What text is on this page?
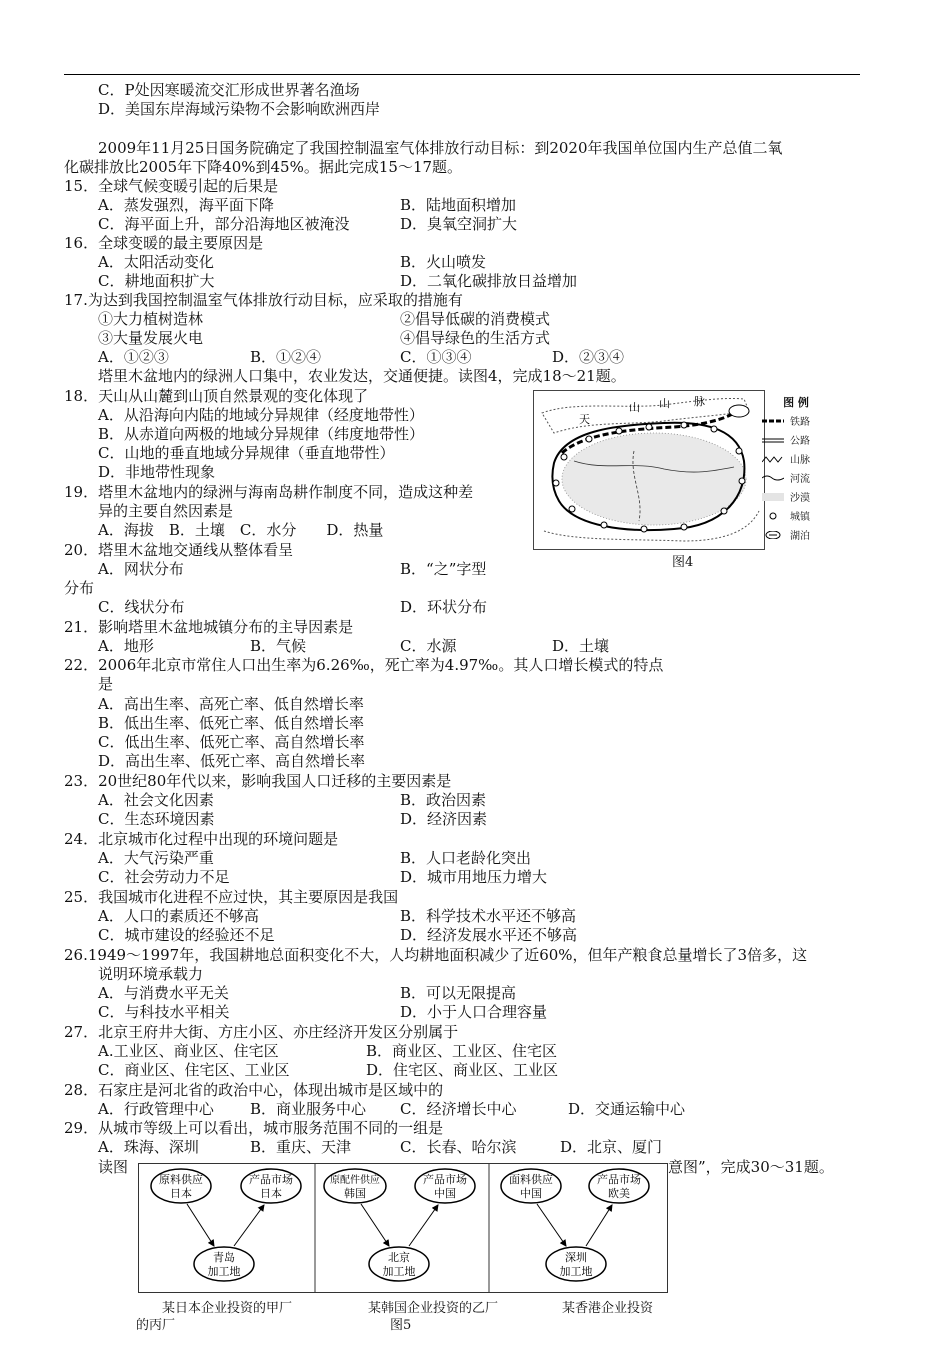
C．P处因寒暖流交汇形成世界著名渔场
D．美国东岸海域污染物不会影响欧洲西岸
2009年11月25日国务院确定了我国控制温室气体排放行动目标：到2020年我国单位国内生产总值二氧
化碳排放比2005年下降40%到45%。据此完成15～17题。
15．全球气候变暖引起的后果是
A．蒸发强烈，海平面下降	B．陆地面积增加
C．海平面上升，部分沿海地区被淹没	D．臭氧空洞扩大
16．全球变暖的最主要原因是
A．太阳活动变化	B．火山喷发
C．耕地面积扩大	D．二氧化碳排放日益增加
17.为达到我国控制温室气体排放行动目标，应采取的措施有
①大力植树造林	②倡导低碳的消费模式
③大量发展火电	④倡导绿色的生活方式
A．①②③	B．①②④	C．①③④	D．②③④
塔里木盆地内的绿洲人口集中，农业发达，交通便捷。读图4，完成18～21题。
18．天山从山麓到山顶自然景观的变化体现了
A．从沿海向内陆的地域分异规律（经度地带性）
B．从赤道向两极的地域分异规律（纬度地带性）
C．山地的垂直地域分异规律（垂直地带性）
D．非地带性现象
19．塔里木盆地内的绿洲与海南岛耕作制度不同，造成这种差
异的主要自然因素是
A．海拔　B．土壤　C．水分　　D．热量
20．塔里木盆地交通线从整体看呈
A．网状分布	B．“之”字型
分布
C．线状分布	D．环状分布
21．影响塔里木盆地城镇分布的主导因素是
A．地形	B．气候	C．水源	D．土壤
22．2006年北京市常住人口出生率为6.26‰，死亡率为4.97‰。其人口增长模式的特点
是
A．高出生率、高死亡率、低自然增长率
B．低出生率、低死亡率、低自然增长率
C．低出生率、低死亡率、高自然增长率
D．高出生率、低死亡率、高自然增长率
23．20世纪80年代以来，影响我国人口迁移的主要因素是
A．社会文化因素	B．政治因素
C．生态环境因素	D．经济因素
24．北京城市化过程中出现的环境问题是
A．大气污染严重	B．人口老龄化突出
C．社会劳动力不足	D．城市用地压力增大
25．我国城市化进程不应过快，其主要原因是我国
A．人口的素质还不够高	B．科学技术水平还不够高
C．城市建设的经验还不足	D．经济发展水平还不够高
26.1949～1997年，我国耕地总面积变化不大，人均耕地面积减少了近60%，但年产粮食总量增长了3倍多，这
说明环境承载力
A．与消费水平无关	B．可以无限提高
C．与科技水平相关	D．小于人口合理容量
27．北京王府井大街、方庄小区、亦庄经济开发区分别属于
A.工业区、商业区、住宅区	B．商业区、工业区、住宅区
C．商业区、住宅区、工业区	D．住宅区、商业区、工业区
28．石家庄是河北省的政治中心，体现出城市是区域中的
A．行政管理中心 B．商业服务中心 C．经济增长中心	D．交通运输中心
29．从城市等级上可以看出，城市服务范围不同的一组是
A．珠海、深圳	B．重庆、天津	C．长春、哈尔滨	D．北京、厦门
读图	意图”，完成30～31题。
天
山 山 脉	图 例
铁路
公路
山脉
河流
沙漠
城镇
湖泊
图4
原料供应
日本
产品市场
日本
青岛
加工地
原配件供应
韩国
产品市场
中国
北京
加工地
面料供应
中国
产品市场
欧美
深圳
加工地
某日本企业投资的甲厂	某韩国企业投资的乙厂	某香港企业投资
的丙厂	图5
